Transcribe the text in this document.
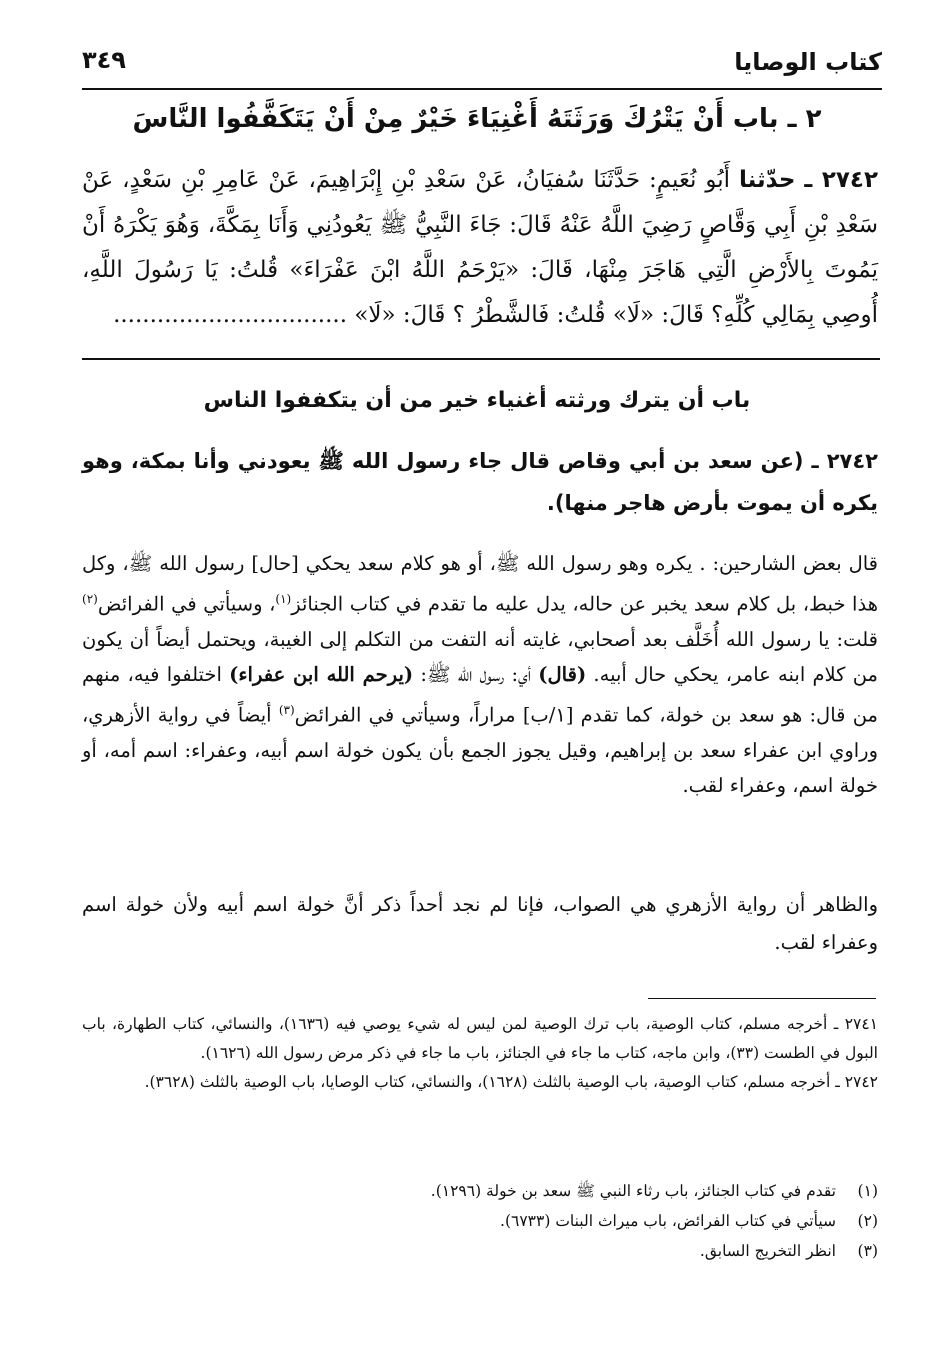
كتاب الوصايا
٣٤٩
٢ ـ باب أَنْ يَتْرُكَ وَرَثَتَهُ أَغْنِيَاءَ خَيْرٌ مِنْ أَنْ يَتَكَفَّفُوا النَّاسَ
٢٧٤٢ ـ حدّثنا أَبُو نُعَيمٍ: حَدَّثَنَا سُفيَانُ، عَنْ سَعْدِ بْنِ إِبْرَاهِيمَ، عَنْ عَامِرِ بْنِ سَعْدٍ، عَنْ سَعْدِ بْنِ أَبِي وَقَّاصٍ رَضِيَ اللَّهُ عَنْهُ قَالَ: جَاءَ النَّبِيُّ ﷺ يَعُودُنِي وَأَنَا بِمَكَّةَ، وَهُوَ يَكْرَهُ أَنْ يَمُوتَ بِالأَرْضِ الَّتِي هَاجَرَ مِنْهَا، قَالَ: «يَرْحَمُ اللَّهُ ابْنَ عَفْرَاءَ» قُلتُ: يَا رَسُولَ اللَّهِ، أُوصِي بِمَالِي كُلِّهِ؟ قَالَ: «لَا» قُلتُ: فَالشَّطْرُ ؟ قَالَ: «لَا» ................................
باب أن يترك ورثته أغنياء خير من أن يتكففوا الناس
٢٧٤٢ ـ (عن سعد بن أبي وقاص قال جاء رسول الله ﷺ يعودني وأنا بمكة، وهو يكره أن يموت بأرض هاجر منها).
قال بعض الشارحين: . يكره وهو رسول الله ﷺ، أو هو كلام سعد يحكي [حال] رسول الله ﷺ، وكل هذا خبط، بل كلام سعد يخبر عن حاله، يدل عليه ما تقدم في كتاب الجنائز$^{(١)}$، وسيأتي في الفرائض$^{(٢)}$ قلت: يا رسول الله أُخَلَّف بعد أصحابي، غايته أنه التفت من التكلم إلى الغيبة، ويحتمل أيضاً أن يكون من كلام ابنه عامر، يحكي حال أبيه. (قال) أي: رسول الله ﷺ: (يرحم الله ابن عفراء) اختلفوا فيه، منهم من قال: هو سعد بن خولة، كما تقدم [١/ب] مراراً، وسيأتي في الفرائض$^{(٣)}$ أيضاً في رواية الأزهري، وراوي ابن عفراء سعد بن إبراهيم، وقيل يجوز الجمع بأن يكون خولة اسم أبيه، وعفراء: اسم أمه، أو خولة اسم، وعفراء لقب.
والظاهر أن رواية الأزهري هي الصواب، فإنا لم نجد أحداً ذكر أنَّ خولة اسم أبيه ولأن خولة اسم وعفراء لقب.
٢٧٤١ ـ أخرجه مسلم، كتاب الوصية، باب ترك الوصية لمن ليس له شيء يوصي فيه (١٦٣٦)، والنسائي، كتاب الطهارة، باب البول في الطست (٣٣)، وابن ماجه، كتاب ما جاء في الجنائز، باب ما جاء في ذكر مرض رسول الله (١٦٢٦).
٢٧٤٢ ـ أخرجه مسلم، كتاب الوصية، باب الوصية بالثلث (١٦٢٨)، والنسائي، كتاب الوصايا، باب الوصية بالثلث (٣٦٢٨).
(١)
تقدم في كتاب الجنائز، باب رثاء النبي ﷺ سعد بن خولة (١٢٩٦).
(٢)
سيأتي في كتاب الفرائض، باب ميراث البنات (٦٧٣٣).
(٣)
انظر التخريج السابق.
